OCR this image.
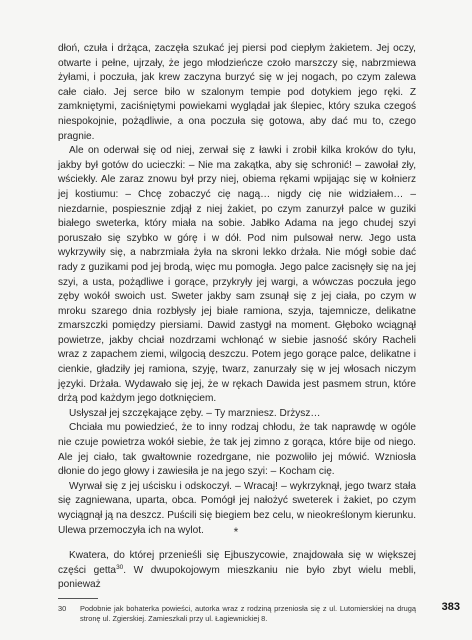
dłoń, czuła i drżąca, zaczęła szukać jej piersi pod ciepłym żakietem. Jej oczy, otwarte i pełne, ujrzały, że jego młodzieńcze czoło marszczy się, nabrzmiewa żyłami, i poczuła, jak krew zaczyna burzyć się w jej nogach, po czym zalewa całe ciało. Jej serce biło w szalonym tempie pod dotykiem jego ręki. Z zamkniętymi, zaciśniętymi powiekami wyglądał jak ślepiec, który szuka czegoś niespokojnie, pożądliwie, a ona poczuła się gotowa, aby dać mu to, czego pragnie.

Ale on oderwał się od niej, zerwał się z ławki i zrobił kilka kroków do tyłu, jakby był gotów do ucieczki: – Nie ma zakątka, aby się schronić! – zawołał zły, wściekły. Ale zaraz znowu był przy niej, obiema rękami wpijając się w kołnierz jej kostiumu: – Chcę zobaczyć cię nagą… nigdy cię nie widziałem… – niezdarnie, pospiesznie zdjął z niej żakiet, po czym zanurzył palce w guziki białego sweterka, który miała na sobie. Jabłko Adama na jego chudej szyi poruszało się szybko w górę i w dół. Pod nim pulsował nerw. Jego usta wykrzywiły się, a nabrzmiała żyła na skroni lekko drżała. Nie mógł sobie dać rady z guzikami pod jej brodą, więc mu pomogła. Jego palce zacisnęły się na jej szyi, a usta, pożądliwe i gorące, przykryły jej wargi, a wówczas poczuła jego zęby wokół swoich ust. Sweter jakby sam zsunął się z jej ciała, po czym w mroku szarego dnia rozbłysły jej białe ramiona, szyja, tajemnicze, delikatne zmarszczki pomiędzy piersiami. Dawid zastygł na moment. Głęboko wciągnął powietrze, jakby chciał nozdrzami wchłonąć w siebie jasność skóry Racheli wraz z zapachem ziemi, wilgocią deszczu. Potem jego gorące palce, delikatne i cienkie, gładziły jej ramiona, szyję, twarz, zanurzały się w jej włosach niczym języki. Drżała. Wydawało się jej, że w rękach Dawida jest pasmem strun, które drżą pod każdym jego dotknięciem.

Usłyszał jej szczękające zęby. – Ty marzniesz. Drżysz…

Chciała mu powiedzieć, że to inny rodzaj chłodu, że tak naprawdę w ogóle nie czuje powietrza wokół siebie, że tak jej zimno z gorąca, które bije od niego. Ale jej ciało, tak gwałtownie rozedrgane, nie pozwoliło jej mówić. Wzniosła dłonie do jego głowy i zawiesiła je na jego szyi: – Kocham cię.

Wyrwał się z jej uścisku i odskoczył. – Wracaj! – wykrzyknął, jego twarz stała się zagniewana, uparta, obca. Pomógł jej nałożyć sweterek i żakiet, po czym wyciągnął ją na deszcz. Puścili się biegiem bez celu, w nieokreślonym kierunku. Ulewa przemoczyła ich na wylot.	*

Kwatera, do której przenieśli się Ejbuszycowie, znajdowała się w większej części getta$^{30}$. W dwupokojowym mieszkaniu nie było zbyt wielu mebli, ponieważ

30 Podobnie jak bohaterka powieści, autorka wraz z rodziną przeniosła się z ul. Lutomierskiej na drugą stronę ul. Zgierskiej. Zamieszkali przy ul. Łagiewnickiej 8.
383
